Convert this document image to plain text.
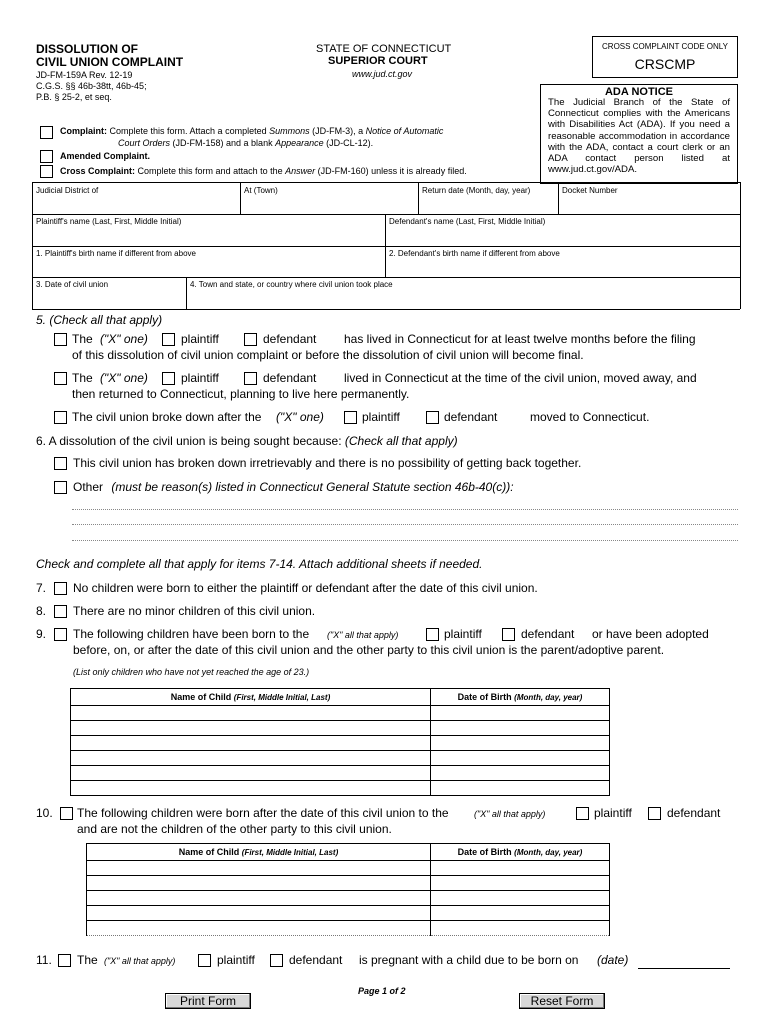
DISSOLUTION OF
CIVIL UNION COMPLAINT
JD-FM-159A Rev. 12-19
C.G.S. §§ 46b-38tt, 46b-45;
P.B. § 25-2, et seq.
STATE OF CONNECTICUT
SUPERIOR COURT
www.jud.ct.gov
CROSS COMPLAINT CODE ONLY
CRSCMP
ADA NOTICE
The Judicial Branch of the State of Connecticut complies with the Americans with Disabilities Act (ADA). If you need a reasonable accommodation in accordance with the ADA, contact a court clerk or an ADA contact person listed at www.jud.ct.gov/ADA.
Complaint: Complete this form. Attach a completed Summons (JD-FM-3), a Notice of Automatic
Court Orders (JD-FM-158) and a blank Appearance (JD-CL-12).
Amended Complaint.
Cross Complaint: Complete this form and attach to the Answer (JD-FM-160) unless it is already filed.
Judicial District of	At (Town)	Return date (Month, day, year)	Docket Number
Plaintiff's name (Last, First, Middle Initial)	Defendant's name (Last, First, Middle Initial)
1. Plaintiff's birth name if different from above	2. Defendant's birth name if different from above
3. Date of civil union	4. Town and state, or country where civil union took place
5. (Check all that apply)
The ("X" one)	plaintiff	defendant has lived in Connecticut for at least twelve months before the filing
of this dissolution of civil union complaint or before the dissolution of civil union will become final.
The ("X" one)	plaintiff	defendant lived in Connecticut at the time of the civil union, moved away, and
then returned to Connecticut, planning to live here permanently.
The civil union broke down after the ("X" one)	plaintiff	defendant	moved to Connecticut.
6. A dissolution of the civil union is being sought because: (Check all that apply)
This civil union has broken down irretrievably and there is no possibility of getting back together.
Other (must be reason(s) listed in Connecticut General Statute section 46b-40(c)):
Check and complete all that apply for items 7-14. Attach additional sheets if needed.
7. No children were born to either the plaintiff or defendant after the date of this civil union.
8. There are no minor children of this civil union.
9. The following children have been born to the ("X" all that apply)	plaintiff	defendant or have been adopted
before, on, or after the date of this civil union and the other party to this civil union is the parent/adoptive parent.
(List only children who have not yet reached the age of 23.)
Name of Child (First, Middle Initial, Last)	Date of Birth (Month, day, year)

10. The following children were born after the date of this civil union to the	("X" all that apply)	plaintiff	defendant
and are not the children of the other party to this civil union.
Name of Child (First, Middle Initial, Last)	Date of Birth (Month, day, year)

11. The ("X" all that apply)	plaintiff	defendant is pregnant with a child due to be born on (date)
Page 1 of 2
Print Form	Reset Form
